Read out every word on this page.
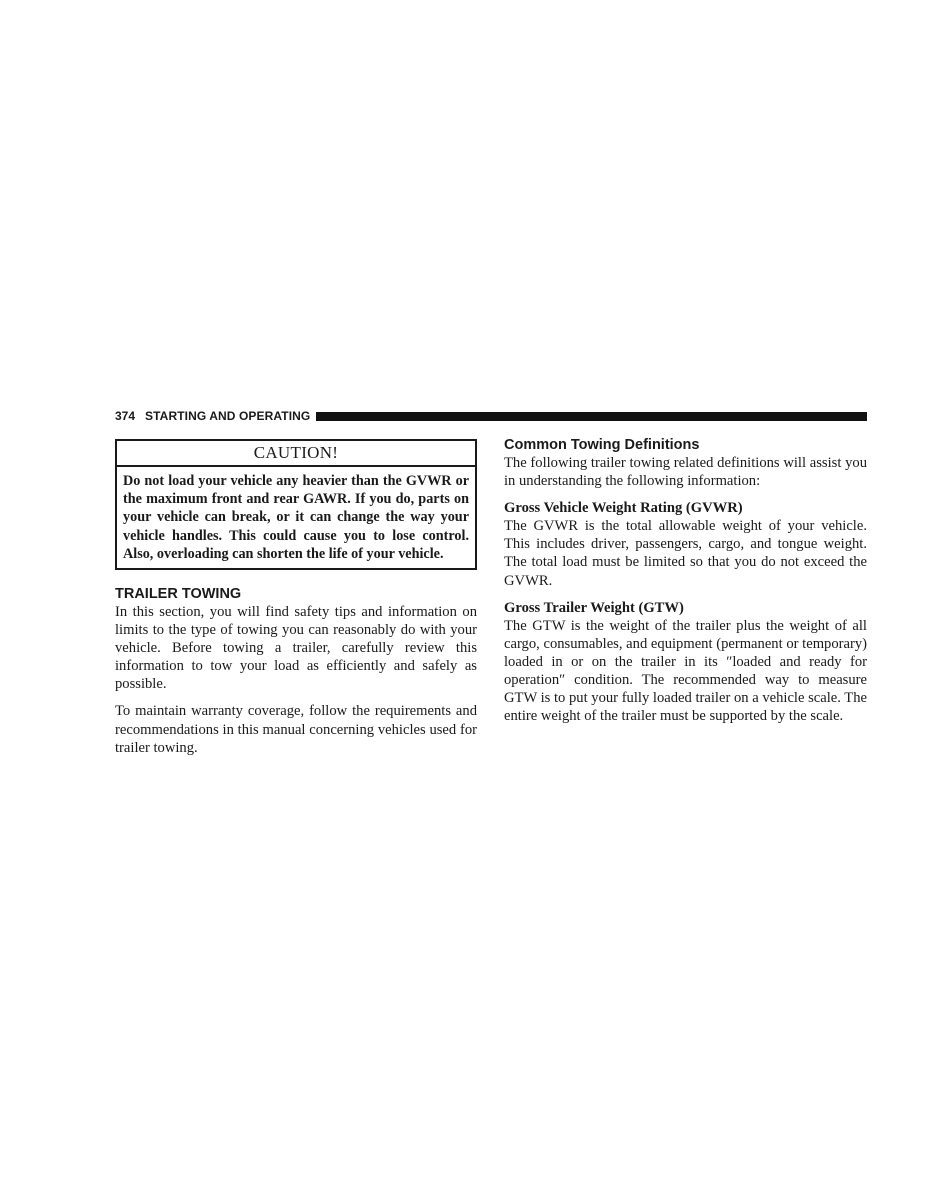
374 STARTING AND OPERATING
CAUTION!
Do not load your vehicle any heavier than the GVWR or the maximum front and rear GAWR. If you do, parts on your vehicle can break, or it can change the way your vehicle handles. This could cause you to lose control. Also, overloading can shorten the life of your vehicle.
TRAILER TOWING

In this section, you will find safety tips and information on limits to the type of towing you can reasonably do with your vehicle. Before towing a trailer, carefully review this information to tow your load as efficiently and safely as possible.

To maintain warranty coverage, follow the requirements and recommendations in this manual concerning vehicles used for trailer towing.

Common Towing Definitions

The following trailer towing related definitions will assist you in understanding the following information:

Gross Vehicle Weight Rating (GVWR)

The GVWR is the total allowable weight of your vehicle. This includes driver, passengers, cargo, and tongue weight. The total load must be limited so that you do not exceed the GVWR.

Gross Trailer Weight (GTW)

The GTW is the weight of the trailer plus the weight of all cargo, consumables, and equipment (permanent or temporary) loaded in or on the trailer in its ″loaded and ready for operation″ condition. The recommended way to measure GTW is to put your fully loaded trailer on a vehicle scale. The entire weight of the trailer must be supported by the scale.
